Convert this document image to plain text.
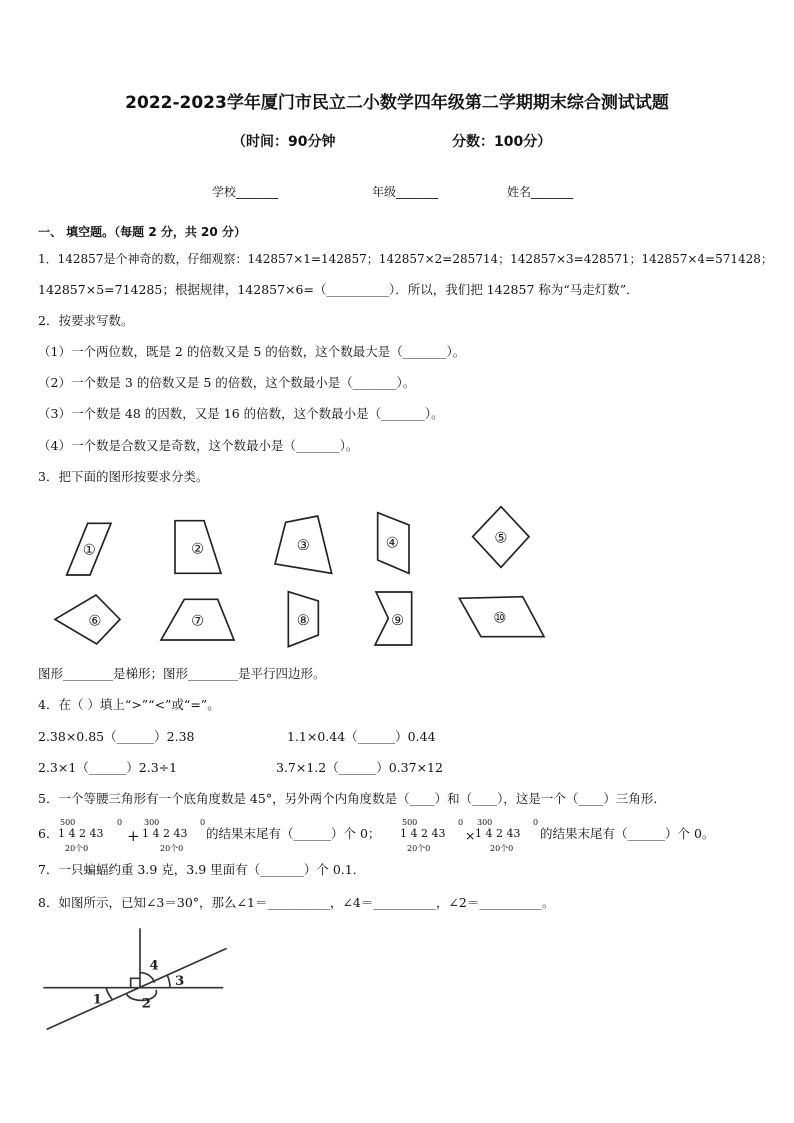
2022-2023学年厦门市民立二小数学四年级第二学期期末综合测试试题
（时间：90分钟	分数：100分）
学校_______	年级_______	姓名_______
一、 填空题。（每题 2 分，共 20 分）
1．142857是个神奇的数，仔细观察：142857×1=142857；142857×2=285714；142857×3=428571；142857×4=571428；
142857×5=714285；根据规律，142857×6=（__________）．所以，我们把 142857 称为“马走灯数”．
2．按要求写数。
（1）一个两位数，既是 2 的倍数又是 5 的倍数，这个数最大是（_______）。
（2）一个数是 3 的倍数又是 5 的倍数，这个数最小是（_______）。
（3）一个数是 48 的因数，又是 16 的倍数，这个数最小是（_______）。
（4）一个数是合数又是奇数，这个数最小是（_______）。
3．把下面的图形按要求分类。
① ② ③ ④ ⑤
⑥ ⑦ ⑧ ⑨ ⑩
图形________是梯形；图形________是平行四边形。
4．在（ ）填上“>”“<”或“=”。
2.38×0.85（______）2.38	1.1×0.44（______）0.44
2.3×1（______）2.3÷1	3.7×1.2（______）0.37×12
5．一个等腰三角形有一个底角度数是 45°，另外两个内角度数是（____）和（____），这是一个（____）三角形．
6． 1 4 2 43
500	0
20个0
+ 1 4 2 43
300	0
20个0
的结果末尾有（______）个 0； 1 4 2 43
500	0
20个0
× 1 4 2 43
300	0
20个0
的结果末尾有（______）个 0。
7．一只蝙蝠约重 3.9 克，3.9 里面有（_______）个 0.1．
8．如图所示，已知∠3＝30°，那么∠1＝__________，∠4＝__________，∠2＝__________。
1 2
3
4
